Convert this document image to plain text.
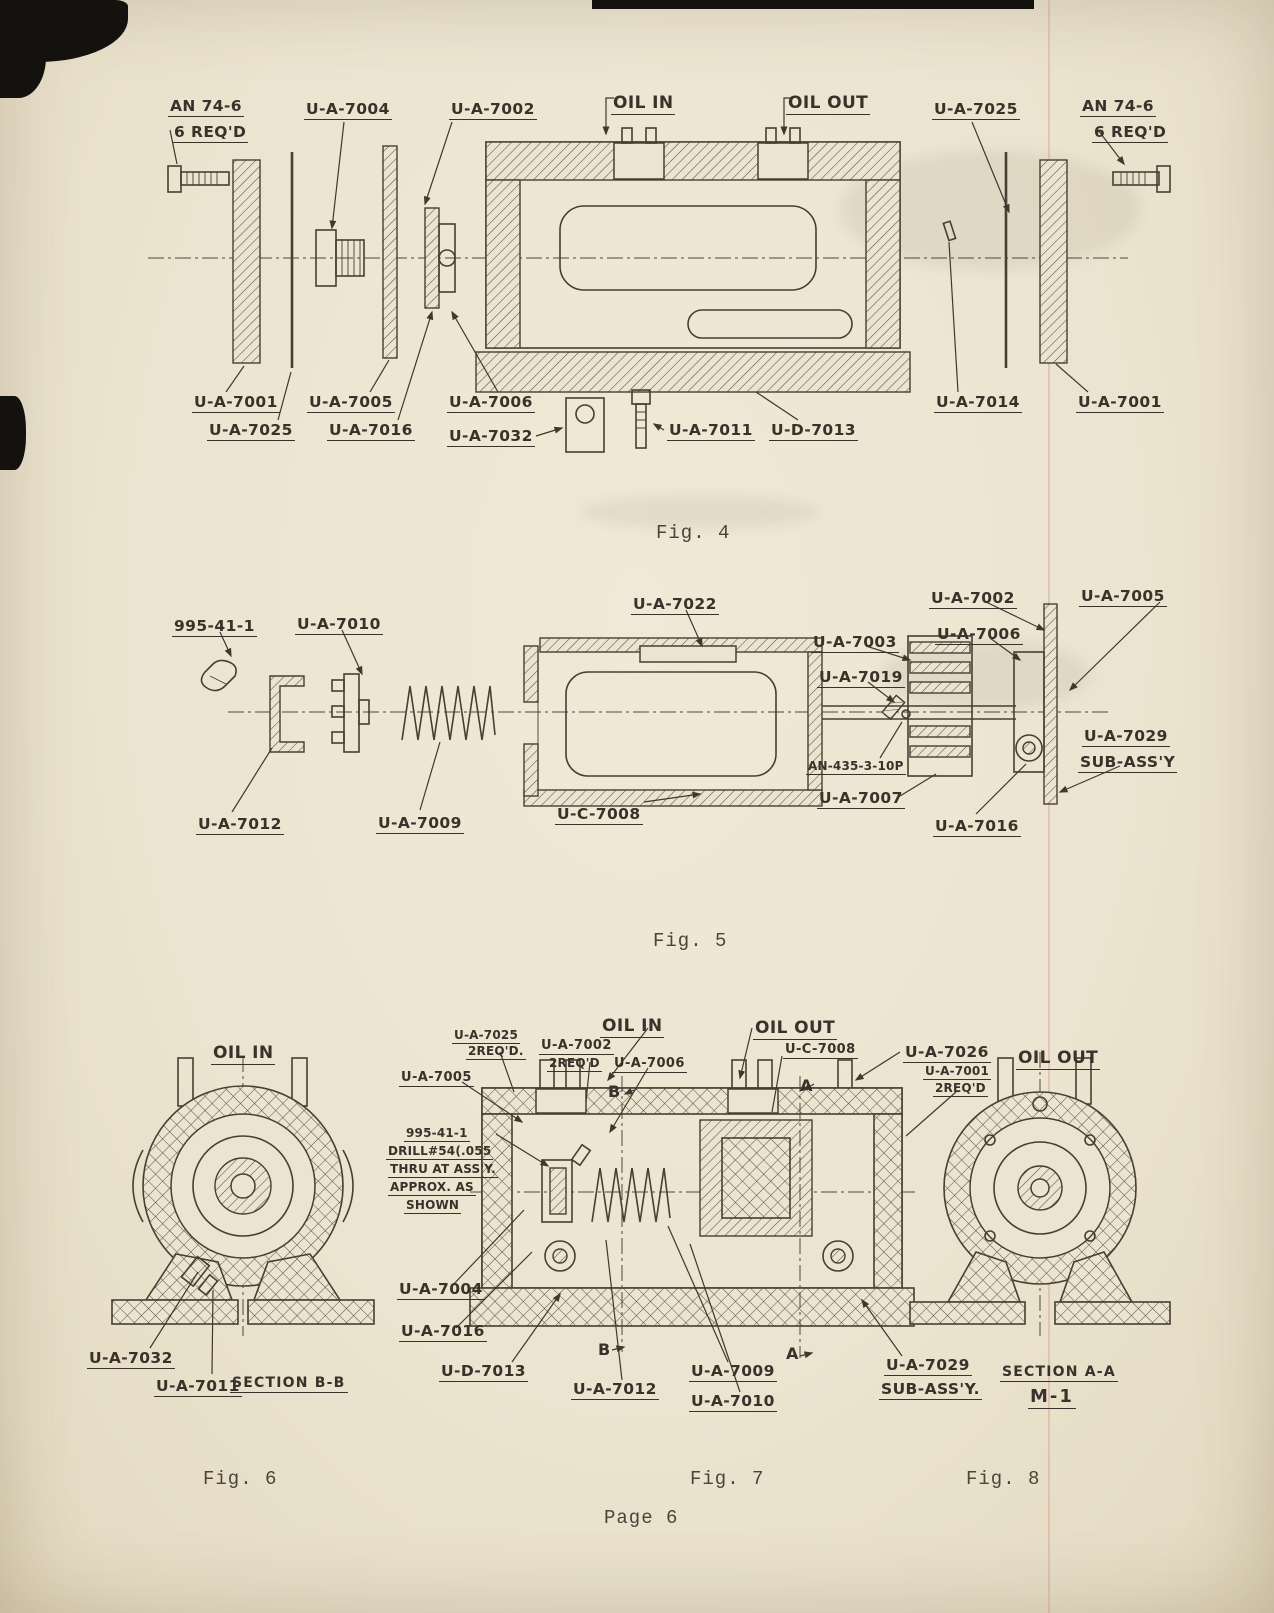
AN 74-6
6 REQ'D
U-A-7004	U-A-7002	OIL IN	OIL OUT	U-A-7025	AN 74-6
6 REQ'D
U-A-7001
U-A-7025
U-A-7005
U-A-7016
U-A-7006
U-A-7032	U-A-7011 U-D-7013
U-A-7014	U-A-7001
Fig. 4
995-41-1	U-A-7010
U-A-7022
U-A-7003
U-A-7019
U-A-7002
U-A-7006
U-A-7005
AN-435-3-10P
U-A-7029
SUB-ASS'Y
U-A-7012	U-A-7009	U-C-7008
U-A-7007
U-A-7016
Fig. 5
OIL IN
U-A-7032
U-A-7011
SECTION B-B
Fig. 6
U-A-7025
2REQ'D.
U-A-7005
U-A-7002
2REQ'D U-A-7006
OIL IN	OIL OUT
U-C-7008	U-A-7026
U-A-7001
2REQ'D
995-41-1
DRILL#54(.055
THRU AT ASS'Y.
APPROX. AS
SHOWN
U-A-7004
U-A-7016
U-D-7013
U-A-7012
U-A-7009
U-A-7010
U-A-7029
SUB-ASS'Y.
B
B
A
A
Fig. 7
OIL OUT
SECTION A-A
M-1
Fig. 8
Page 6
